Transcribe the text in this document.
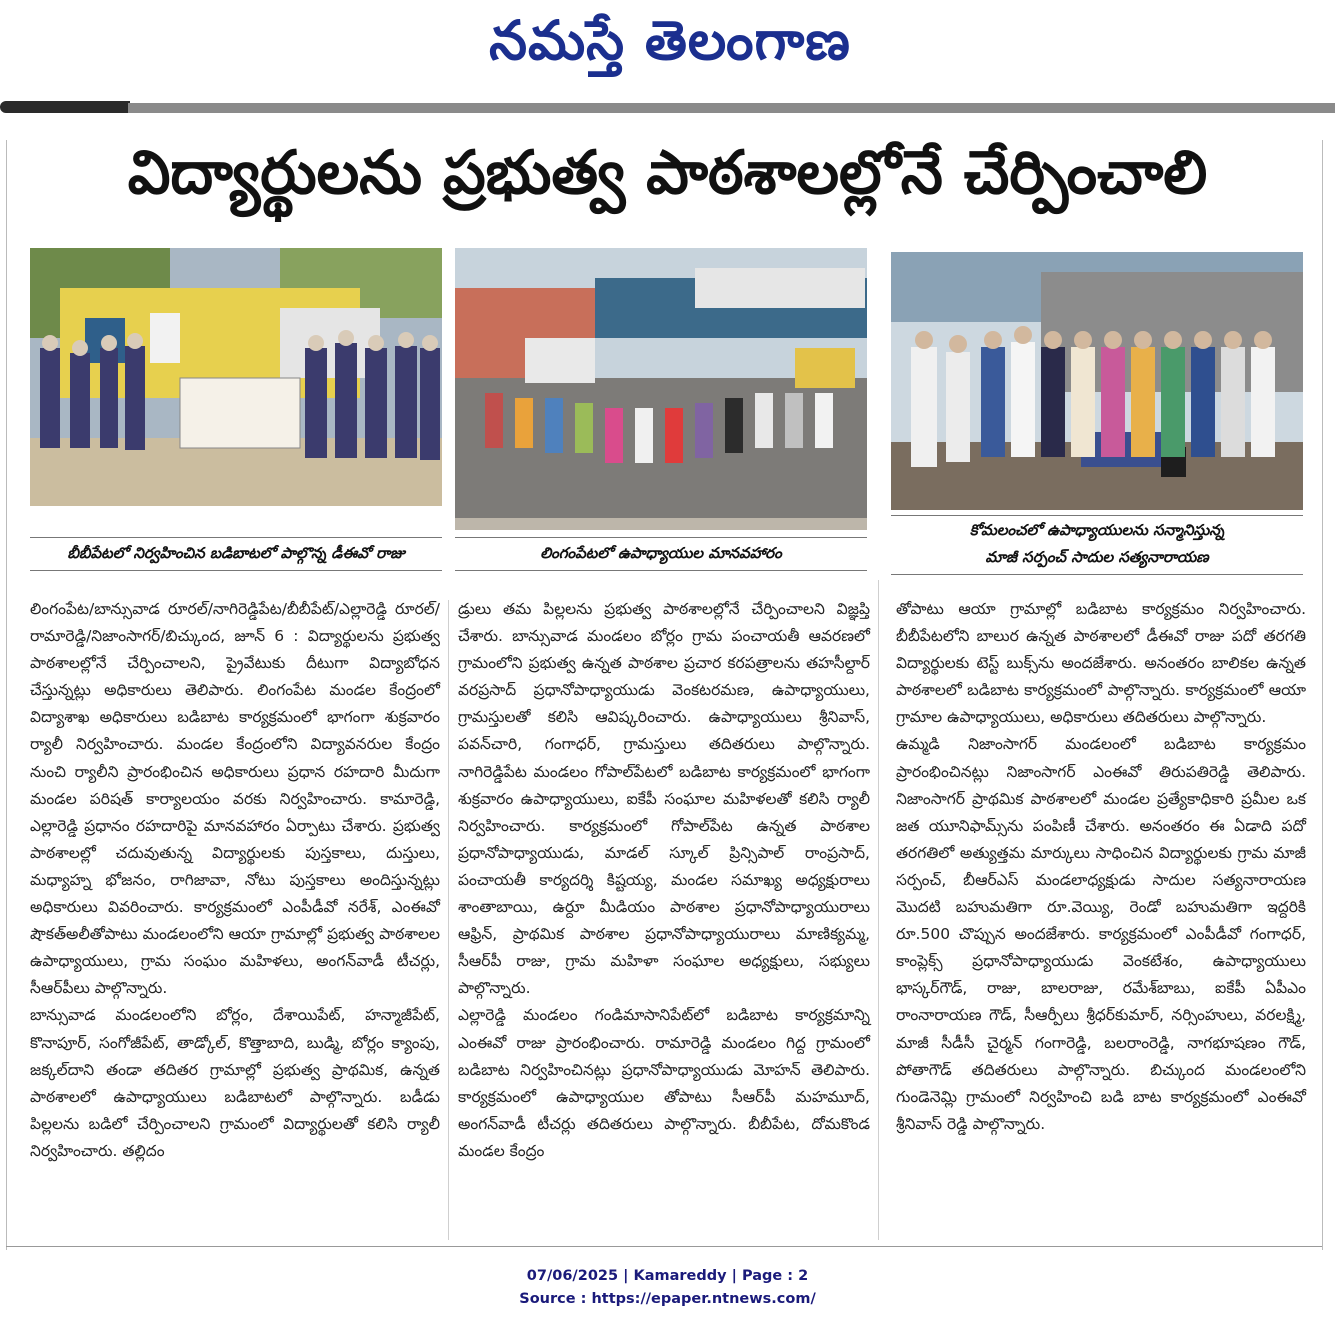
నమస్తే తెలంగాణ
విద్యార్థులను ప్రభుత్వ పాఠశాలల్లోనే చేర్పించాలి
బీబీపేటలో నిర్వహించిన బడిబాటలో పాల్గొన్న డీఈవో రాజు	లింగంపేటలో ఉపాధ్యాయుల మానవహారం
కోమలంచలో ఉపాధ్యాయులను సన్మానిస్తున్న
మాజీ సర్పంచ్ సాదుల సత్యనారాయణ

లింగంపేట/బాన్సువాడ రూరల్/నాగిరెడ్డిపేట/బీబీపేట్/ఎల్లారెడ్డి రూరల్/రామారెడ్డి/నిజాంసాగర్/బిచ్కుంద, జూన్ 6 : విద్యార్థులను ప్రభుత్వ పాఠశాలల్లోనే చేర్పించాలని, ప్రైవేటుకు దీటుగా విద్యాబోధన చేస్తున్నట్లు అధికారులు తెలిపారు. లింగంపేట మండల కేంద్రంలో విద్యాశాఖ అధికారులు బడిబాట కార్యక్రమంలో భాగంగా శుక్రవారం ర్యాలీ నిర్వహించారు. మండల కేంద్రంలోని విద్యావనరుల కేంద్రం నుంచి ర్యాలీని ప్రారంభించిన అధికారులు ప్రధాన రహదారి మీదుగా మండల పరిషత్ కార్యాలయం వరకు నిర్వహించారు. కామారెడ్డి, ఎల్లారెడ్డి ప్రధానం రహదారిపై మానవహారం ఏర్పాటు చేశారు. ప్రభుత్వ పాఠశాలల్లో చదువుతున్న విద్యార్థులకు పుస్తకాలు, దుస్తులు, మధ్యాహ్న భోజనం, రాగిజావా, నోటు పుస్తకాలు అందిస్తున్నట్లు అధికారులు వివరించారు. కార్యక్రమంలో ఎంపీడీవో నరేశ్, ఎంఈవో షౌకత్‌అలీతోపాటు మండలంలోని ఆయా గ్రామాల్లో ప్రభుత్వ పాఠశాలల ఉపాధ్యాయులు, గ్రామ సంఘం మహిళలు, అంగన్‌వాడీ టీచర్లు, సీఆర్‌పీలు పాల్గొన్నారు.

బాన్సువాడ మండలంలోని బోర్లం, దేశాయిపేట్, హన్మాజీపేట్, కొనాపూర్, సంగోజీపేట్, తాడ్కోల్, కొత్తాబాది, బుడ్మి, బోర్లం క్యాంపు, జక్కల్‌దాని తండా తదితర గ్రామాల్లో ప్రభుత్వ ప్రాథమిక, ఉన్నత పాఠశాలలో ఉపాధ్యాయులు బడిబాటలో పాల్గొన్నారు. బడీడు పిల్లలను బడిలో చేర్పించాలని గ్రామంలో విద్యార్థులతో కలిసి ర్యాలీ నిర్వహించారు. తల్లిదం

డ్రులు తమ పిల్లలను ప్రభుత్వ పాఠశాలల్లోనే చేర్పించాలని విజ్ఞప్తి చేశారు. బాన్సువాడ మండలం బోర్లం గ్రామ పంచాయతీ ఆవరణలో గ్రామంలోని ప్రభుత్వ ఉన్నత పాఠశాల ప్రచార కరపత్రాలను తహసీల్దార్ వరప్రసాద్ ప్రధానోపాధ్యాయుడు వెంకటరమణ, ఉపాధ్యాయులు, గ్రామస్తులతో కలిసి ఆవిష్కరించారు. ఉపాధ్యాయులు శ్రీనివాస్, పవన్‌చారి, గంగాధర్, గ్రామస్తులు తదితరులు పాల్గొన్నారు. నాగిరెడ్డిపేట మండలం గోపాల్‌పేటలో బడిబాట కార్యక్రమంలో భాగంగా శుక్రవారం ఉపాధ్యాయులు, ఐకేపీ సంఘాల మహిళలతో కలిసి ర్యాలీ నిర్వహించారు. కార్యక్రమంలో గోపాల్‌పేట ఉన్నత పాఠశాల ప్రధానోపాధ్యాయుడు, మాడల్ స్కూల్ ప్రిన్సిపాల్ రాంప్రసాద్, పంచాయతీ కార్యదర్శి కిష్టయ్య, మండల సమాఖ్య అధ్యక్షురాలు శాంతాబాయి, ఉర్దూ మీడియం పాఠశాల ప్రధానోపాధ్యాయురాలు ఆఫ్రిన్, ప్రాథమిక పాఠశాల ప్రధానోపాధ్యాయురాలు మాణిక్యమ్మ, సీఆర్‌పీ రాజు, గ్రామ మహిళా సంఘాల అధ్యక్షులు, సభ్యులు పాల్గొన్నారు.

ఎల్లారెడ్డి మండలం గండిమాసానిపేట్‌లో బడిబాట కార్యక్రమాన్ని ఎంఈవో రాజు ప్రారంభించారు. రామారెడ్డి మండలం గిద్ద గ్రామంలో బడిబాట నిర్వహించినట్లు ప్రధానోపాధ్యాయుడు మోహన్ తెలిపారు. కార్యక్రమంలో ఉపాధ్యాయుల తోపాటు సీఆర్‌పీ మహమూద్, అంగన్‌వాడీ టీచర్లు తదితరులు పాల్గొన్నారు. బీబీపేట, దోమకొండ మండల కేంద్రం

తోపాటు ఆయా గ్రామాల్లో బడిబాట కార్యక్రమం నిర్వహించారు. బీబీపేటలోని బాలుర ఉన్నత పాఠశాలలో డీఈవో రాజు పదో తరగతి విద్యార్థులకు టెస్ట్ బుక్స్‌ను అందజేశారు. అనంతరం బాలికల ఉన్నత పాఠశాలలో బడిబాట కార్యక్రమంలో పాల్గొన్నారు. కార్యక్రమంలో ఆయా గ్రామాల ఉపాధ్యాయులు, అధికారులు తదితరులు పాల్గొన్నారు.

ఉమ్మడి నిజాంసాగర్ మండలంలో బడిబాట కార్యక్రమం ప్రారంభించినట్లు నిజాంసాగర్ ఎంఈవో తిరుపతిరెడ్డి తెలిపారు. నిజాంసాగర్ ప్రాథమిక పాఠశాలలో మండల ప్రత్యేకాధికారి ప్రమీల ఒక జత యూనిఫామ్స్‌ను పంపిణీ చేశారు. అనంతరం ఈ ఏడాది పదో తరగతిలో అత్యుత్తమ మార్కులు సాధించిన విద్యార్థులకు గ్రామ మాజీ సర్పంచ్, బీఆర్‌ఎస్ మండలాధ్యక్షుడు సాదుల సత్యనారాయణ మొదటి బహుమతిగా రూ.వెయ్యి, రెండో బహుమతిగా ఇద్దరికి రూ.500 చొప్పున అందజేశారు. కార్యక్రమంలో ఎంపీడీవో గంగాధర్, కాంప్లెక్స్ ప్రధానోపాధ్యాయుడు వెంకటేశం, ఉపాధ్యాయులు భాస్కర్‌గౌడ్, రాజు, బాలరాజు, రమేశ్‌బాబు, ఐకేపీ ఏపీఎం రాంనారాయణ గౌడ్, సీఆర్పీలు శ్రీధర్‌కుమార్, నర్సింహులు, వరలక్ష్మి, మాజీ సీడీసీ చైర్మన్ గంగారెడ్డి, బలరాంరెడ్డి, నాగభూషణం గౌడ్, పోతాగౌడ్ తదితరులు పాల్గొన్నారు. బిచ్కుంద మండలంలోని గుండెనెమ్లి గ్రామంలో నిర్వహించి బడి బాట కార్యక్రమంలో ఎంఈవో శ్రీనివాస్ రెడ్డి పాల్గొన్నారు.

07/06/2025 | Kamareddy | Page : 2
Source : https://epaper.ntnews.com/
